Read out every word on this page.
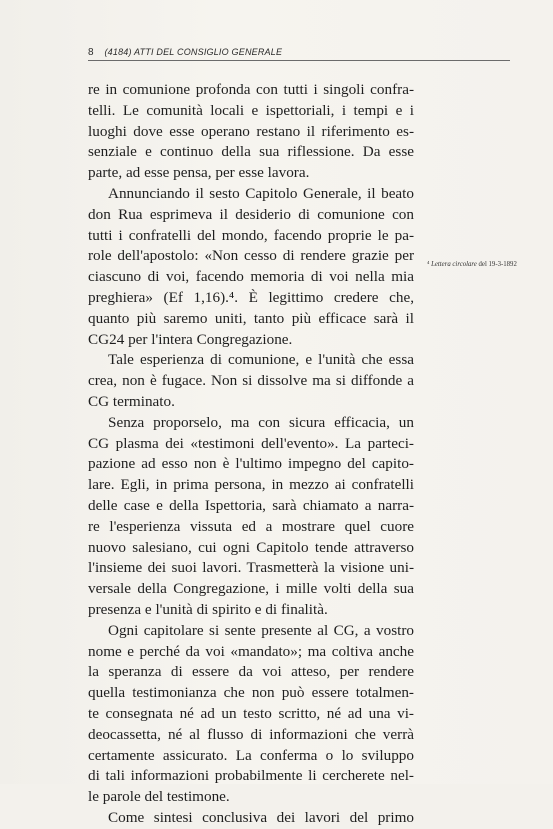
8 (4184) ATTI DEL CONSIGLIO GENERALE
re in comunione profonda con tutti i singoli confra-
telli. Le comunità locali e ispettoriali, i tempi e i
luoghi dove esse operano restano il riferimento es-
senziale e continuo della sua riflessione. Da esse
parte, ad esse pensa, per esse lavora.
Annunciando il sesto Capitolo Generale, il beato
don Rua esprimeva il desiderio di comunione con
tutti i confratelli del mondo, facendo proprie le pa-
role dell'apostolo: «Non cesso di rendere grazie per
ciascuno di voi, facendo memoria di voi nella mia
preghiera» (Ef 1,16).⁴. È legittimo credere che,
quanto più saremo uniti, tanto più efficace sarà il
CG24 per l'intera Congregazione.
Tale esperienza di comunione, e l'unità che essa
crea, non è fugace. Non si dissolve ma si diffonde a
CG terminato.
Senza proporselo, ma con sicura efficacia, un
CG plasma dei «testimoni dell'evento». La parteci-
pazione ad esso non è l'ultimo impegno del capito-
lare. Egli, in prima persona, in mezzo ai confratelli
delle case e della Ispettoria, sarà chiamato a narra-
re l'esperienza vissuta ed a mostrare quel cuore
nuovo salesiano, cui ogni Capitolo tende attraverso
l'insieme dei suoi lavori. Trasmetterà la visione uni-
versale della Congregazione, i mille volti della sua
presenza e l'unità di spirito e di finalità.
Ogni capitolare si sente presente al CG, a vostro
nome e perché da voi «mandato»; ma coltiva anche
la speranza di essere da voi atteso, per rendere
quella testimonianza che non può essere totalmen-
te consegnata né ad un testo scritto, né ad una vi-
deocassetta, né al flusso di informazioni che verrà
certamente assicurato. La conferma o lo sviluppo
di tali informazioni probabilmente li cercherete nel-
le parole del testimone.
Come sintesi conclusiva dei lavori del primo
⁴ Lettera circolare del 19-3-1892
